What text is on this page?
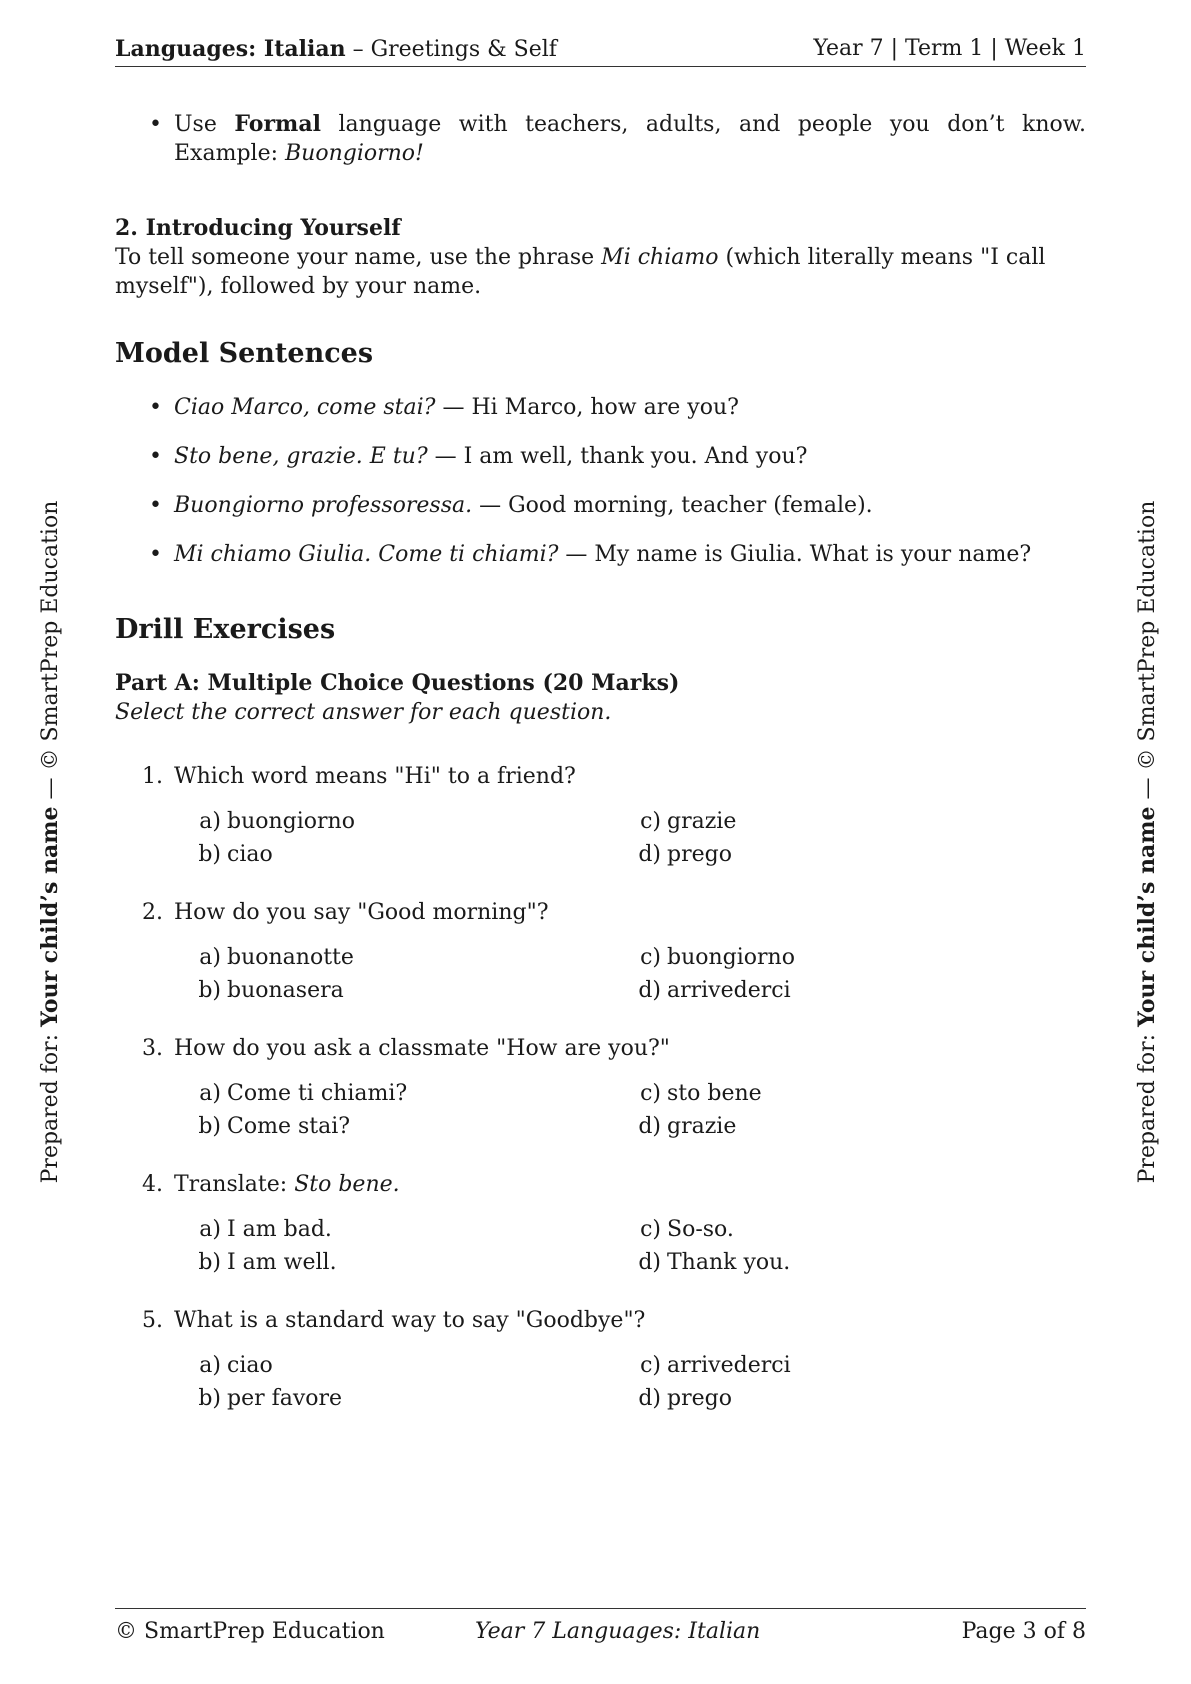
Languages: Italian – Greetings & Self	Year 7 | Term 1 | Week 1
Prepared for: Your child’s name — © SmartPrep Education
Prepared for: Your child’s name — © SmartPrep Education
• Use Formal language with teachers, adults, and people you don’t know. Example: Buongiorno!
2. Introducing Yourself
To tell someone your name, use the phrase Mi chiamo (which literally means "I call myself"), followed by your name.
Model Sentences
• Ciao Marco, come stai? — Hi Marco, how are you?
• Sto bene, grazie. E tu? — I am well, thank you. And you?
• Buongiorno professoressa. — Good morning, teacher (female).
• Mi chiamo Giulia. Come ti chiami? — My name is Giulia. What is your name?
Drill Exercises
Part A: Multiple Choice Questions (20 Marks)
Select the correct answer for each question.
1. Which word means "Hi" to a friend?
a) buongiorno
b) ciao
c) grazie
d) prego
2. How do you say "Good morning"?
a) buonanotte
b) buonasera
c) buongiorno
d) arrivederci
3. How do you ask a classmate "How are you?"
a) Come ti chiami?
b) Come stai?
c) sto bene
d) grazie
4. Translate: Sto bene.
a) I am bad.
b) I am well.
c) So-so.
d) Thank you.
5. What is a standard way to say "Goodbye"?
a) ciao
b) per favore
c) arrivederci
d) prego
© SmartPrep Education	Year 7 Languages: Italian	Page 3 of 8
